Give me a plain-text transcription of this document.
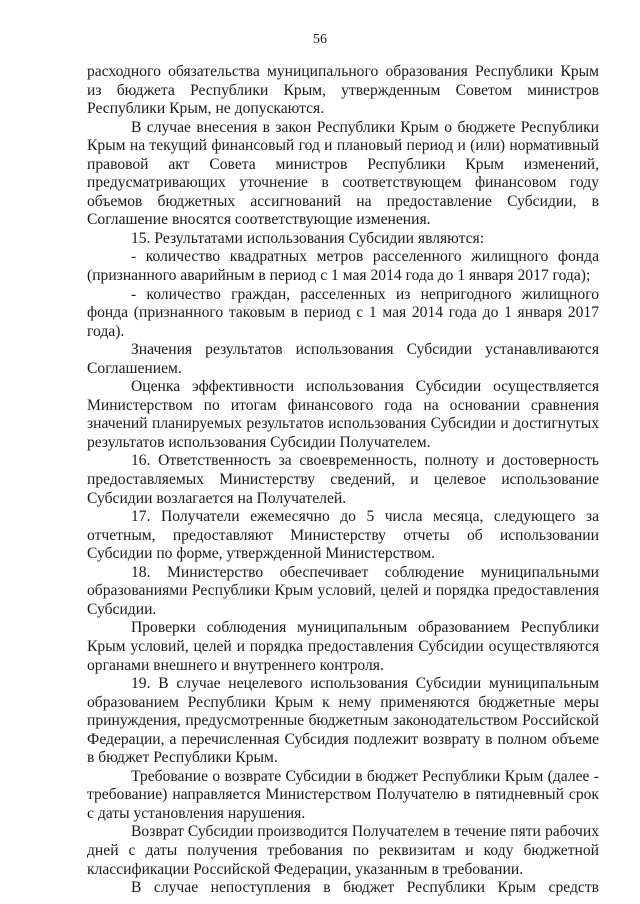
56

расходного обязательства муниципального образования Республики Крым из бюджета Республики Крым, утвержденным Советом министров Республики Крым, не допускаются.

В случае внесения в закон Республики Крым о бюджете Республики Крым на текущий финансовый год и плановый период и (или) нормативный правовой акт Совета министров Республики Крым изменений, предусматривающих уточнение в соответствующем финансовом году объемов бюджетных ассигнований на предоставление Субсидии, в Соглашение вносятся соответствующие изменения.

15. Результатами использования Субсидии являются:

- количество квадратных метров расселенного жилищного фонда (признанного аварийным в период с 1 мая 2014 года до 1 января 2017 года);

- количество граждан, расселенных из непригодного жилищного фонда (признанного таковым в период с 1 мая 2014 года до 1 января 2017 года).

Значения результатов использования Субсидии устанавливаются Соглашением.

Оценка эффективности использования Субсидии осуществляется Министерством по итогам финансового года на основании сравнения значений планируемых результатов использования Субсидии и достигнутых результатов использования Субсидии Получателем.

16. Ответственность за своевременность, полноту и достоверность предоставляемых Министерству сведений, и целевое использование Субсидии возлагается на Получателей.

17. Получатели ежемесячно до 5 числа месяца, следующего за отчетным, предоставляют Министерству отчеты об использовании Субсидии по форме, утвержденной Министерством.

18. Министерство обеспечивает соблюдение муниципальными образованиями Республики Крым условий, целей и порядка предоставления Субсидии.

Проверки соблюдения муниципальным образованием Республики Крым условий, целей и порядка предоставления Субсидии осуществляются органами внешнего и внутреннего контроля.

19. В случае нецелевого использования Субсидии муниципальным образованием Республики Крым к нему применяются бюджетные меры принуждения, предусмотренные бюджетным законодательством Российской Федерации, а перечисленная Субсидия подлежит возврату в полном объеме в бюджет Республики Крым.

Требование о возврате Субсидии в бюджет Республики Крым (далее - требование) направляется Министерством Получателю в пятидневный срок с даты установления нарушения.

Возврат Субсидии производится Получателем в течение пяти рабочих дней с даты получения требования по реквизитам и коду бюджетной классификации Российской Федерации, указанным в требовании.

В случае непоступления в бюджет Республики Крым средств
